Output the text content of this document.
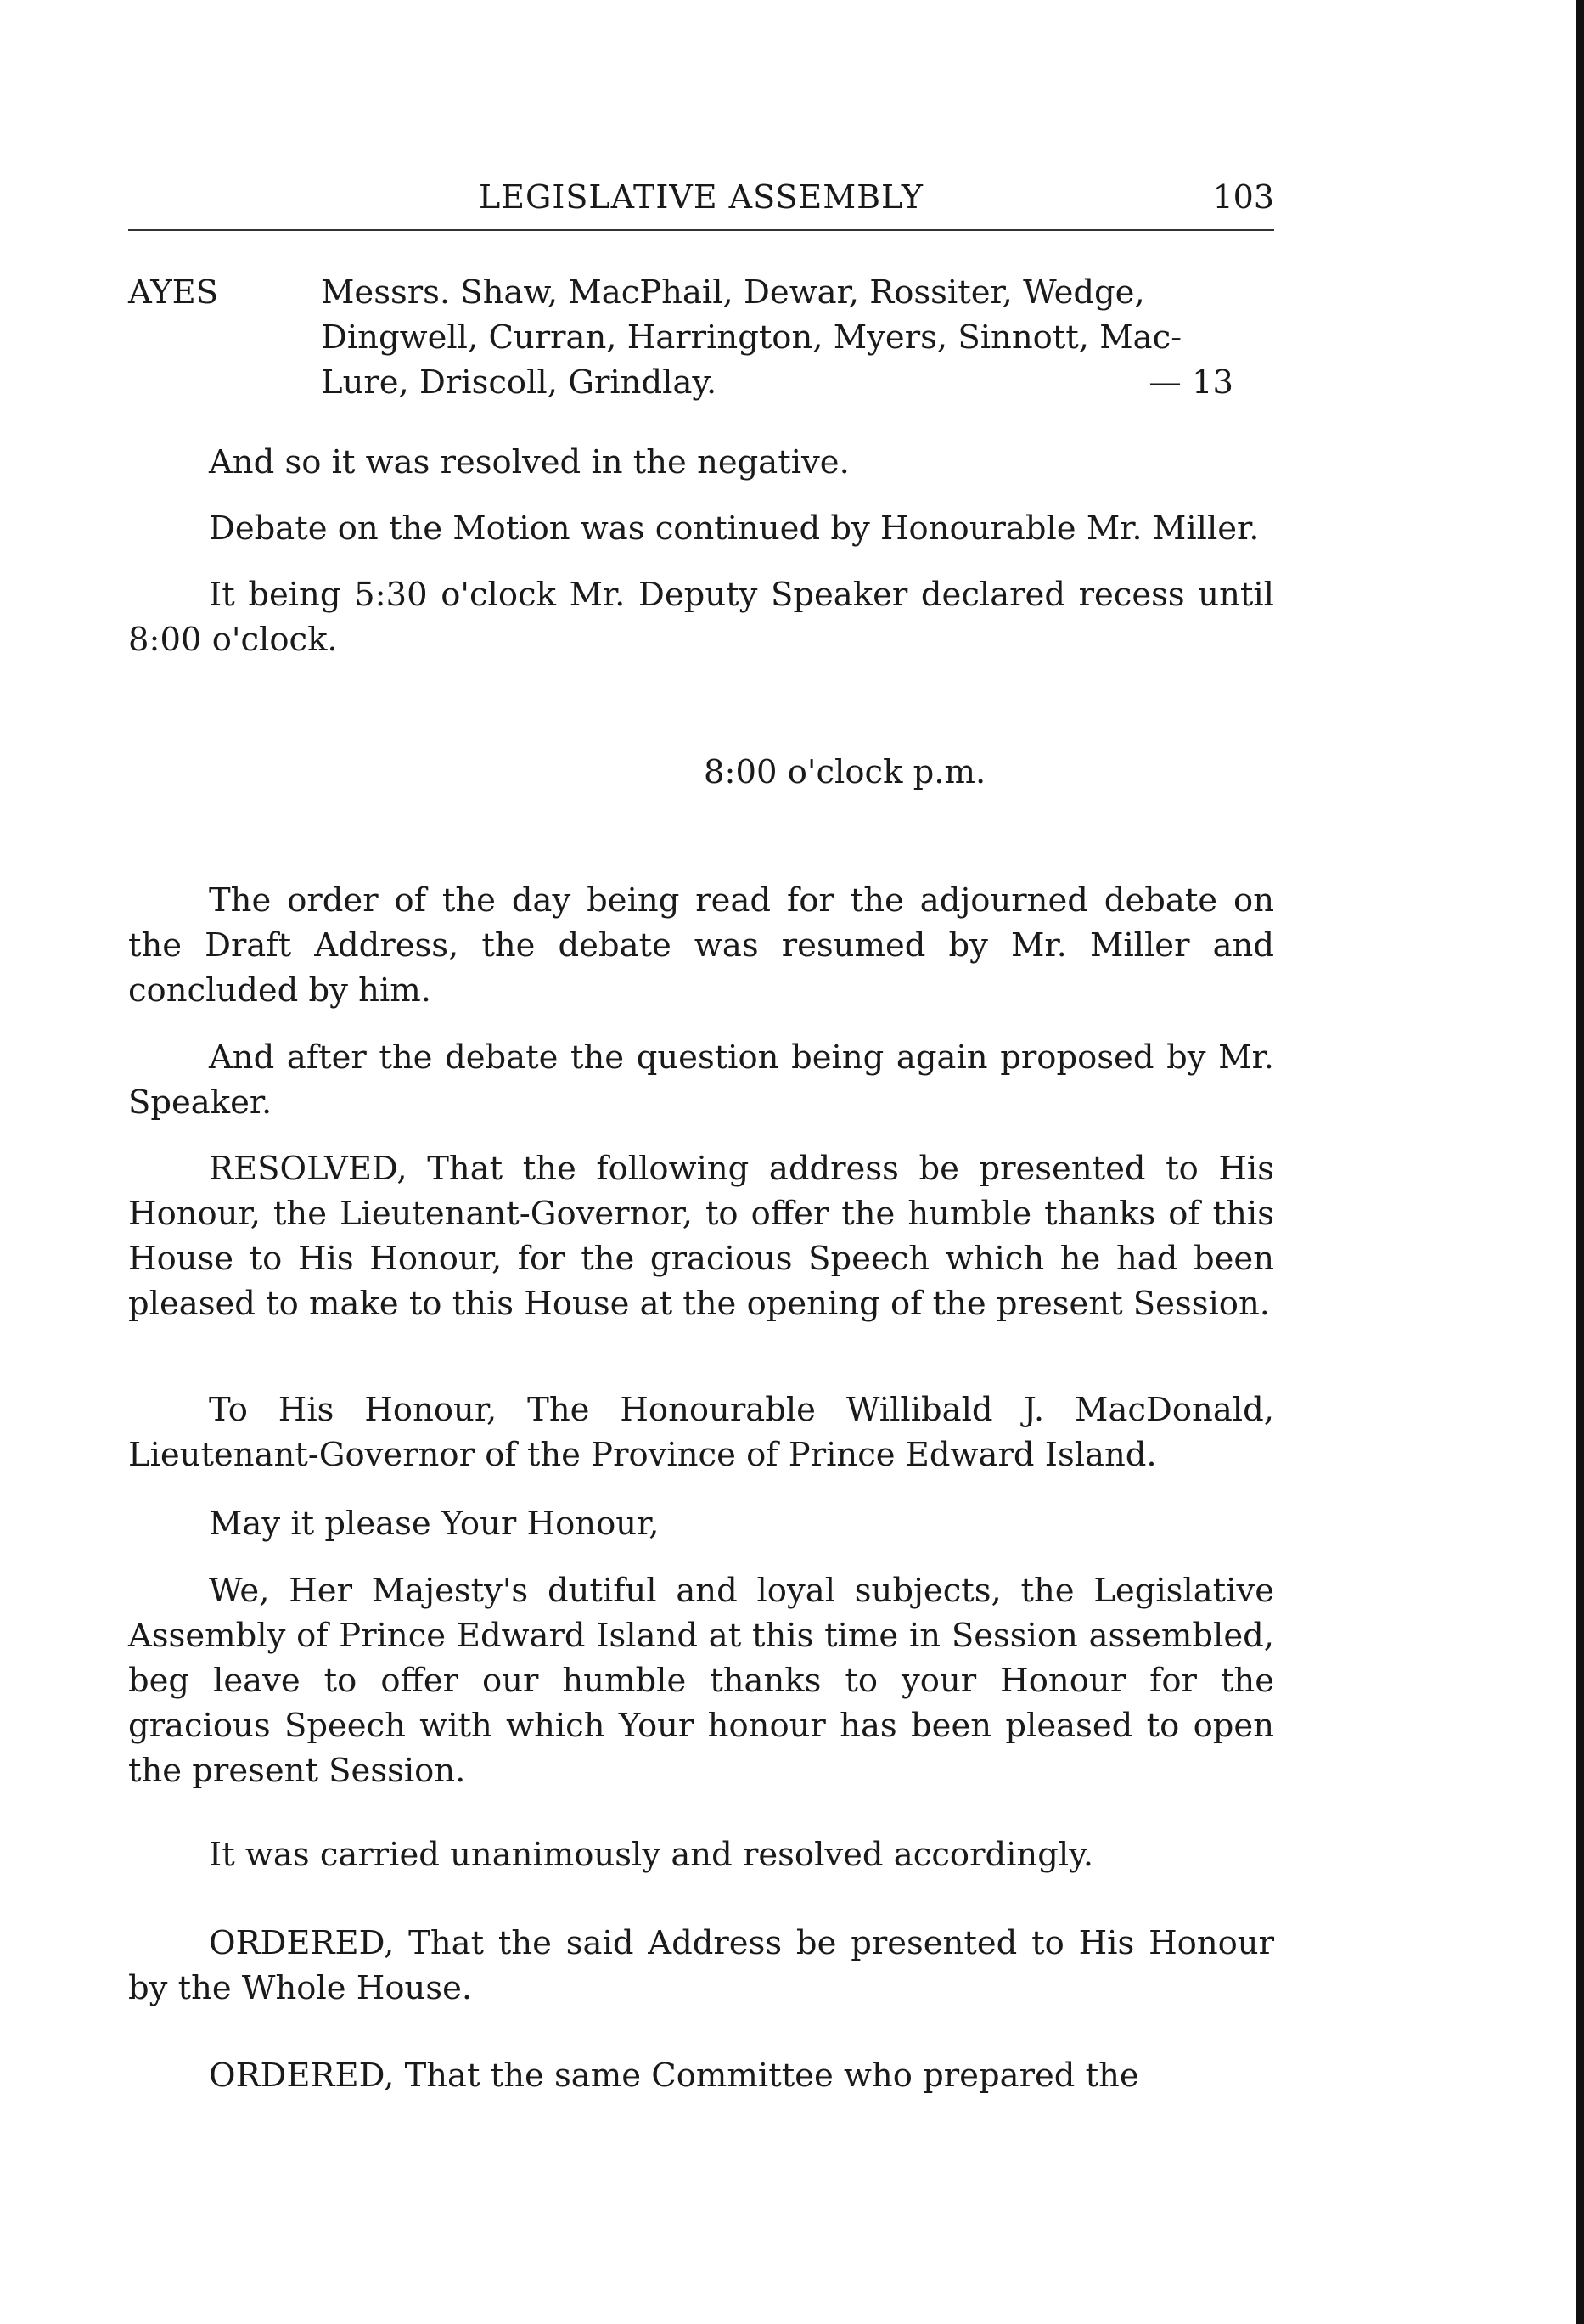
LEGISLATIVE ASSEMBLY	103
AYES	Messrs. Shaw, MacPhail, Dewar, Rossiter, Wedge,
Dingwell, Curran, Harrington, Myers, Sinnott, Mac-
Lure, Driscoll, Grindlay.	— 13

And so it was resolved in the negative.

Debate on the Motion was continued by Honourable Mr. Miller.

It being 5:30 o'clock Mr. Deputy Speaker declared recess until 8:00 o'clock.

8:00 o'clock p.m.

The order of the day being read for the adjourned debate on the Draft Address, the debate was resumed by Mr. Miller and concluded by him.

And after the debate the question being again proposed by Mr. Speaker.

RESOLVED, That the following address be presented to His Honour, the Lieutenant-Governor, to offer the humble thanks of this House to His Honour, for the gracious Speech which he had been pleased to make to this House at the opening of the present Session.

To His Honour, The Honourable Willibald J. MacDonald, Lieutenant-Governor of the Province of Prince Edward Island.

May it please Your Honour,

We, Her Majesty's dutiful and loyal subjects, the Legislative Assembly of Prince Edward Island at this time in Session assembled, beg leave to offer our humble thanks to your Honour for the gracious Speech with which Your honour has been pleased to open the present Session.

It was carried unanimously and resolved accordingly.

ORDERED, That the said Address be presented to His Honour by the Whole House.

ORDERED, That the same Committee who prepared the
